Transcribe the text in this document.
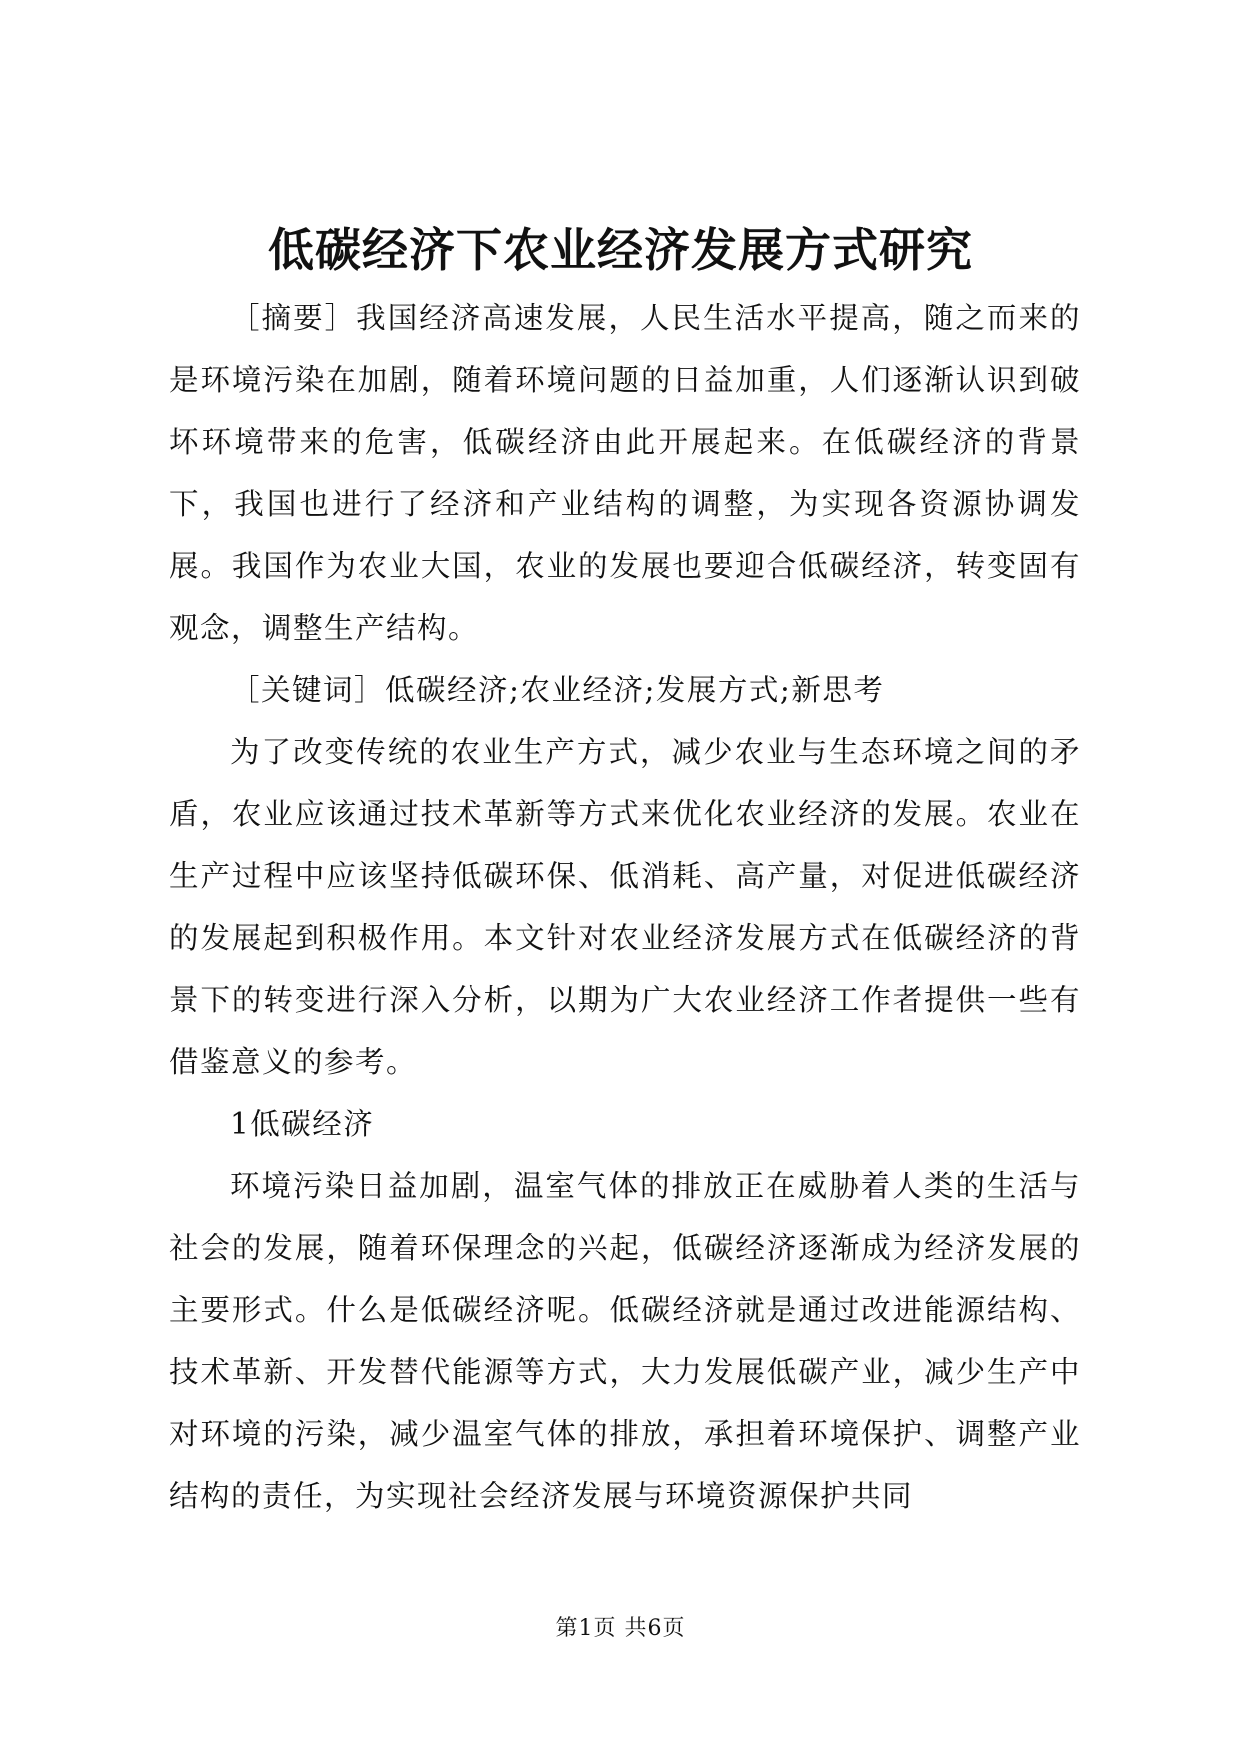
低碳经济下农业经济发展方式研究

［摘要］我国经济高速发展，人民生活水平提高，随之而来的是环境污染在加剧，随着环境问题的日益加重，人们逐渐认识到破坏环境带来的危害，低碳经济由此开展起来。在低碳经济的背景下，我国也进行了经济和产业结构的调整，为实现各资源协调发展。我国作为农业大国，农业的发展也要迎合低碳经济，转变固有观念，调整生产结构。

［关键词］低碳经济;农业经济;发展方式;新思考

为了改变传统的农业生产方式，减少农业与生态环境之间的矛盾，农业应该通过技术革新等方式来优化农业经济的发展。农业在生产过程中应该坚持低碳环保、低消耗、高产量，对促进低碳经济的发展起到积极作用。本文针对农业经济发展方式在低碳经济的背景下的转变进行深入分析，以期为广大农业经济工作者提供一些有借鉴意义的参考。

1低碳经济

环境污染日益加剧，温室气体的排放正在威胁着人类的生活与社会的发展，随着环保理念的兴起，低碳经济逐渐成为经济发展的主要形式。什么是低碳经济呢。低碳经济就是通过改进能源结构、技术革新、开发替代能源等方式，大力发展低碳产业，减少生产中对环境的污染，减少温室气体的排放，承担着环境保护、调整产业结构的责任，为实现社会经济发展与环境资源保护共同

第1页 共6页
